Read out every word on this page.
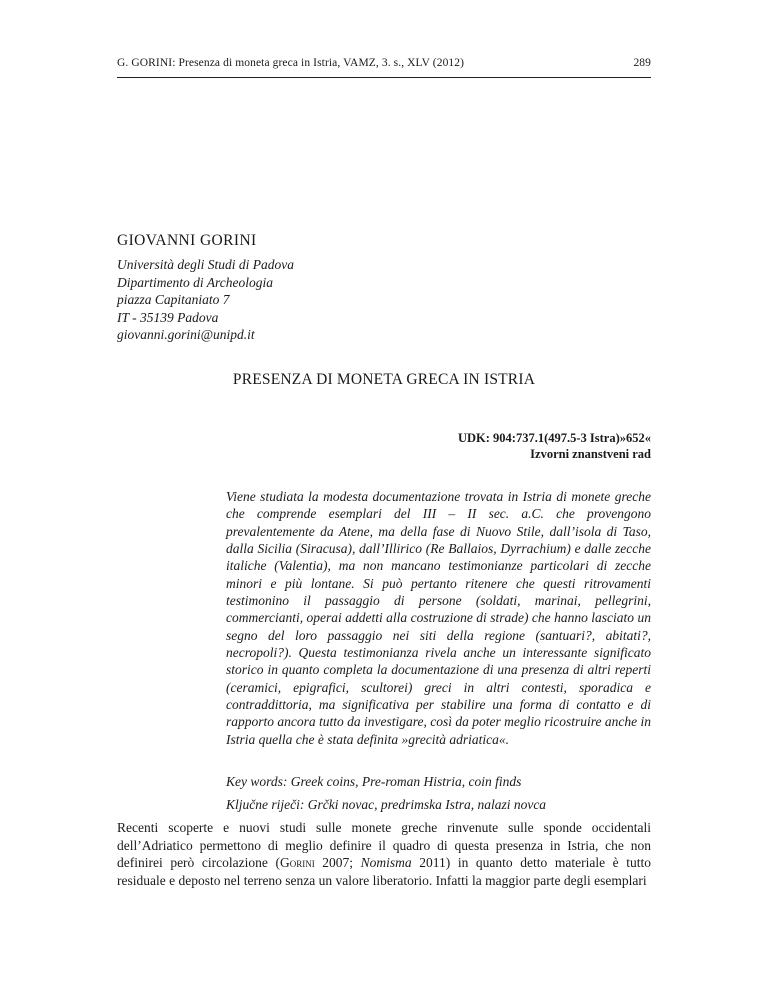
G. GORINI: Presenza di moneta greca in Istria, VAMZ, 3. s., XLV (2012)	289
GIOVANNI GORINI
Università degli Studi di Padova
Dipartimento di Archeologia
piazza Capitaniato 7
IT - 35139 Padova
giovanni.gorini@unipd.it
PRESENZA DI MONETA GRECA IN ISTRIA
UDK: 904:737.1(497.5-3 Istra)»652«
Izvorni znanstveni rad
Viene studiata la modesta documentazione trovata in Istria di monete greche che comprende esemplari del III – II sec. a.C. che provengono prevalentemente da Atene, ma della fase di Nuovo Stile, dall’isola di Taso, dalla Sicilia (Siracusa), dall’Illirico (Re Ballaios, Dyrrachium) e dalle zecche italiche (Valentia), ma non mancano testimonianze particolari di zecche minori e più lontane. Si può pertanto ritenere che questi ritrovamenti testimonino il passaggio di persone (soldati, marinai, pellegrini, commercianti, operai addetti alla costruzione di strade) che hanno lasciato un segno del loro passaggio nei siti della regione (santuari?, abitati?, necropoli?). Questa testimonianza rivela anche un interessante significato storico in quanto completa la documentazione di una presenza di altri reperti (ceramici, epigrafici, scultorei) greci in altri contesti, sporadica e contraddittoria, ma significativa per stabilire una forma di contatto e di rapporto ancora tutto da investigare, così da poter meglio ricostruire anche in Istria quella che è stata definita »grecità adriatica«.
Key words: Greek coins, Pre-roman Histria, coin finds
Ključne riječi: Grčki novac, predrimska Istra, nalazi novca
Recenti scoperte e nuovi studi sulle monete greche rinvenute sulle sponde occidentali dell’Adriatico permettono di meglio definire il quadro di questa presenza in Istria, che non definirei però circolazione (Gorini 2007; Nomisma 2011) in quanto detto materiale è tutto residuale e deposto nel terreno senza un valore liberatorio. Infatti la maggior parte degli esemplari
